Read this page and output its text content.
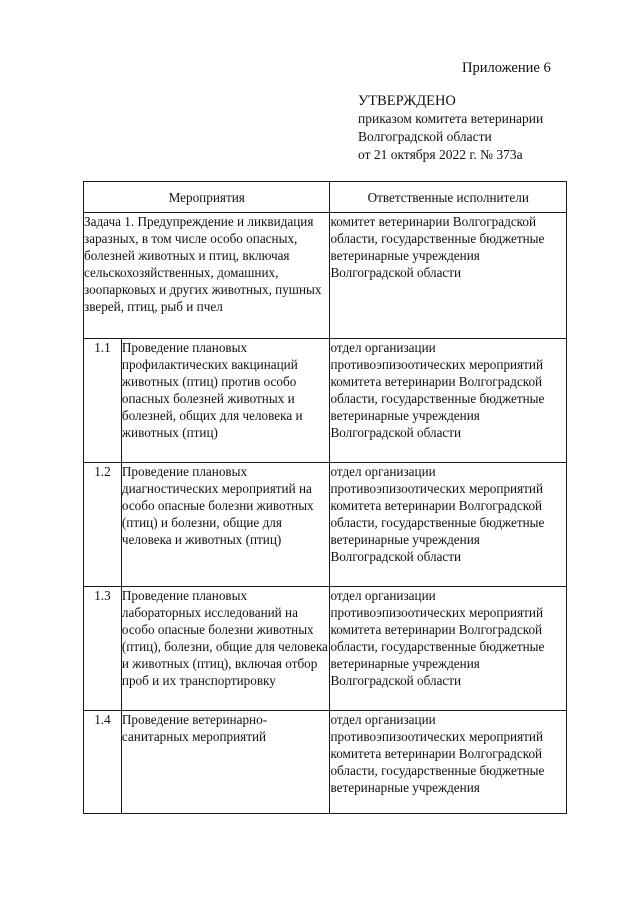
Приложение 6
УТВЕРЖДЕНО
приказом комитета ветеринарии
Волгоградской области
от 21 октября 2022 г. № 373а
Мероприятия		Ответственные исполнители
Задача 1. Предупреждение и ликвидация заразных, в том числе особо опасных, болезней животных и птиц, включая сельскохозяйственных, домашних, зоопарковых и других животных, пушных зверей, птиц, рыб и пчел		комитет ветеринарии Волгоградской области, государственные бюджетные ветеринарные учреждения Волгоградской области
1.1	Проведение плановых профилактических вакцинаций животных (птиц) против особо опасных болезней животных и болезней, общих для человека и животных (птиц)	отдел организации противоэпизоотических мероприятий комитета ветеринарии Волгоградской области, государственные бюджетные ветеринарные учреждения Волгоградской области
1.2	Проведение плановых диагностических мероприятий на особо опасные болезни животных (птиц) и болезни, общие для человека и животных (птиц)	отдел организации противоэпизоотических мероприятий комитета ветеринарии Волгоградской области, государственные бюджетные ветеринарные учреждения Волгоградской области
1.3	Проведение плановых лабораторных исследований на особо опасные болезни животных (птиц), болезни, общие для человека и животных (птиц), включая отбор проб и их транспортировку	отдел организации противоэпизоотических мероприятий комитета ветеринарии Волгоградской области, государственные бюджетные ветеринарные учреждения Волгоградской области
1.4	Проведение ветеринарно-санитарных мероприятий	отдел организации противоэпизоотических мероприятий комитета ветеринарии Волгоградской области, государственные бюджетные ветеринарные учреждения
